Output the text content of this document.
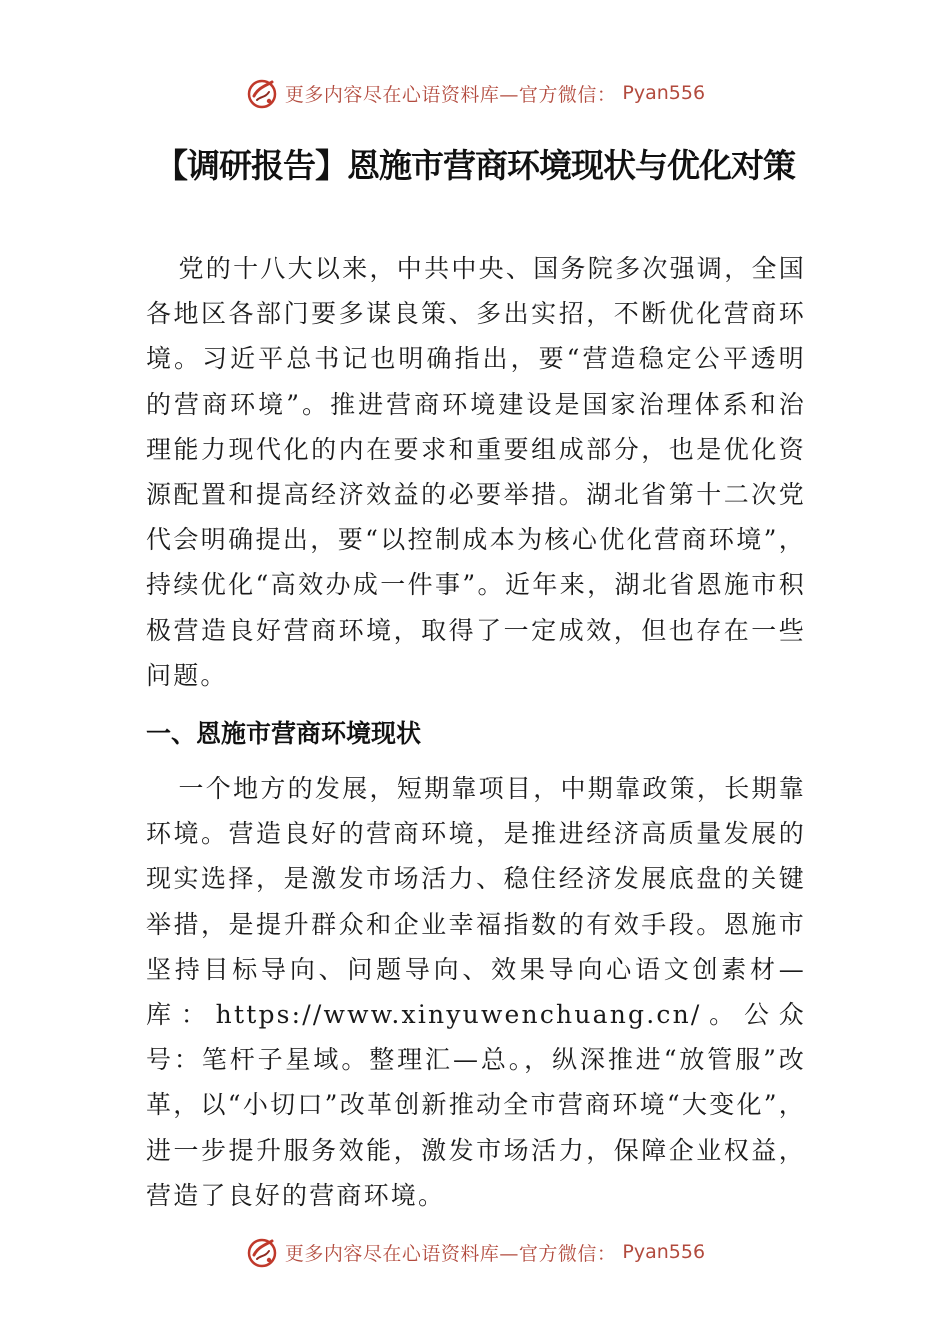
更多内容尽在心语资料库—官方微信： Pyan556
【调研报告】恩施市营商环境现状与优化对策

党的十八大以来，中共中央、国务院多次强调，全国各地区各部门要多谋良策、多出实招，不断优化营商环境。习近平总书记也明确指出，要“营造稳定公平透明的营商环境”。推进营商环境建设是国家治理体系和治理能力现代化的内在要求和重要组成部分，也是优化资源配置和提高经济效益的必要举措。湖北省第十二次党代会明确提出，要“以控制成本为核心优化营商环境”，持续优化“高效办成一件事”。近年来，湖北省恩施市积极营造良好营商环境，取得了一定成效，但也存在一些问题。

一、恩施市营商环境现状

一个地方的发展，短期靠项目，中期靠政策，长期靠环境。营造良好的营商环境，是推进经济高质量发展的现实选择，是激发市场活力、稳住经济发展底盘的关键举措，是提升群众和企业幸福指数的有效手段。恩施市坚持目标导向、问题导向、效果导向心语文创素材—库：https://www.xinyuwenchuang.cn/。公众号：笔杆子星域。整理汇—总。，纵深推进“放管服”改革，以“小切口”改革创新推动全市营商环境“大变化”，进一步提升服务效能，激发市场活力，保障企业权益，营造了良好的营商环境。

更多内容尽在心语资料库—官方微信： Pyan556
